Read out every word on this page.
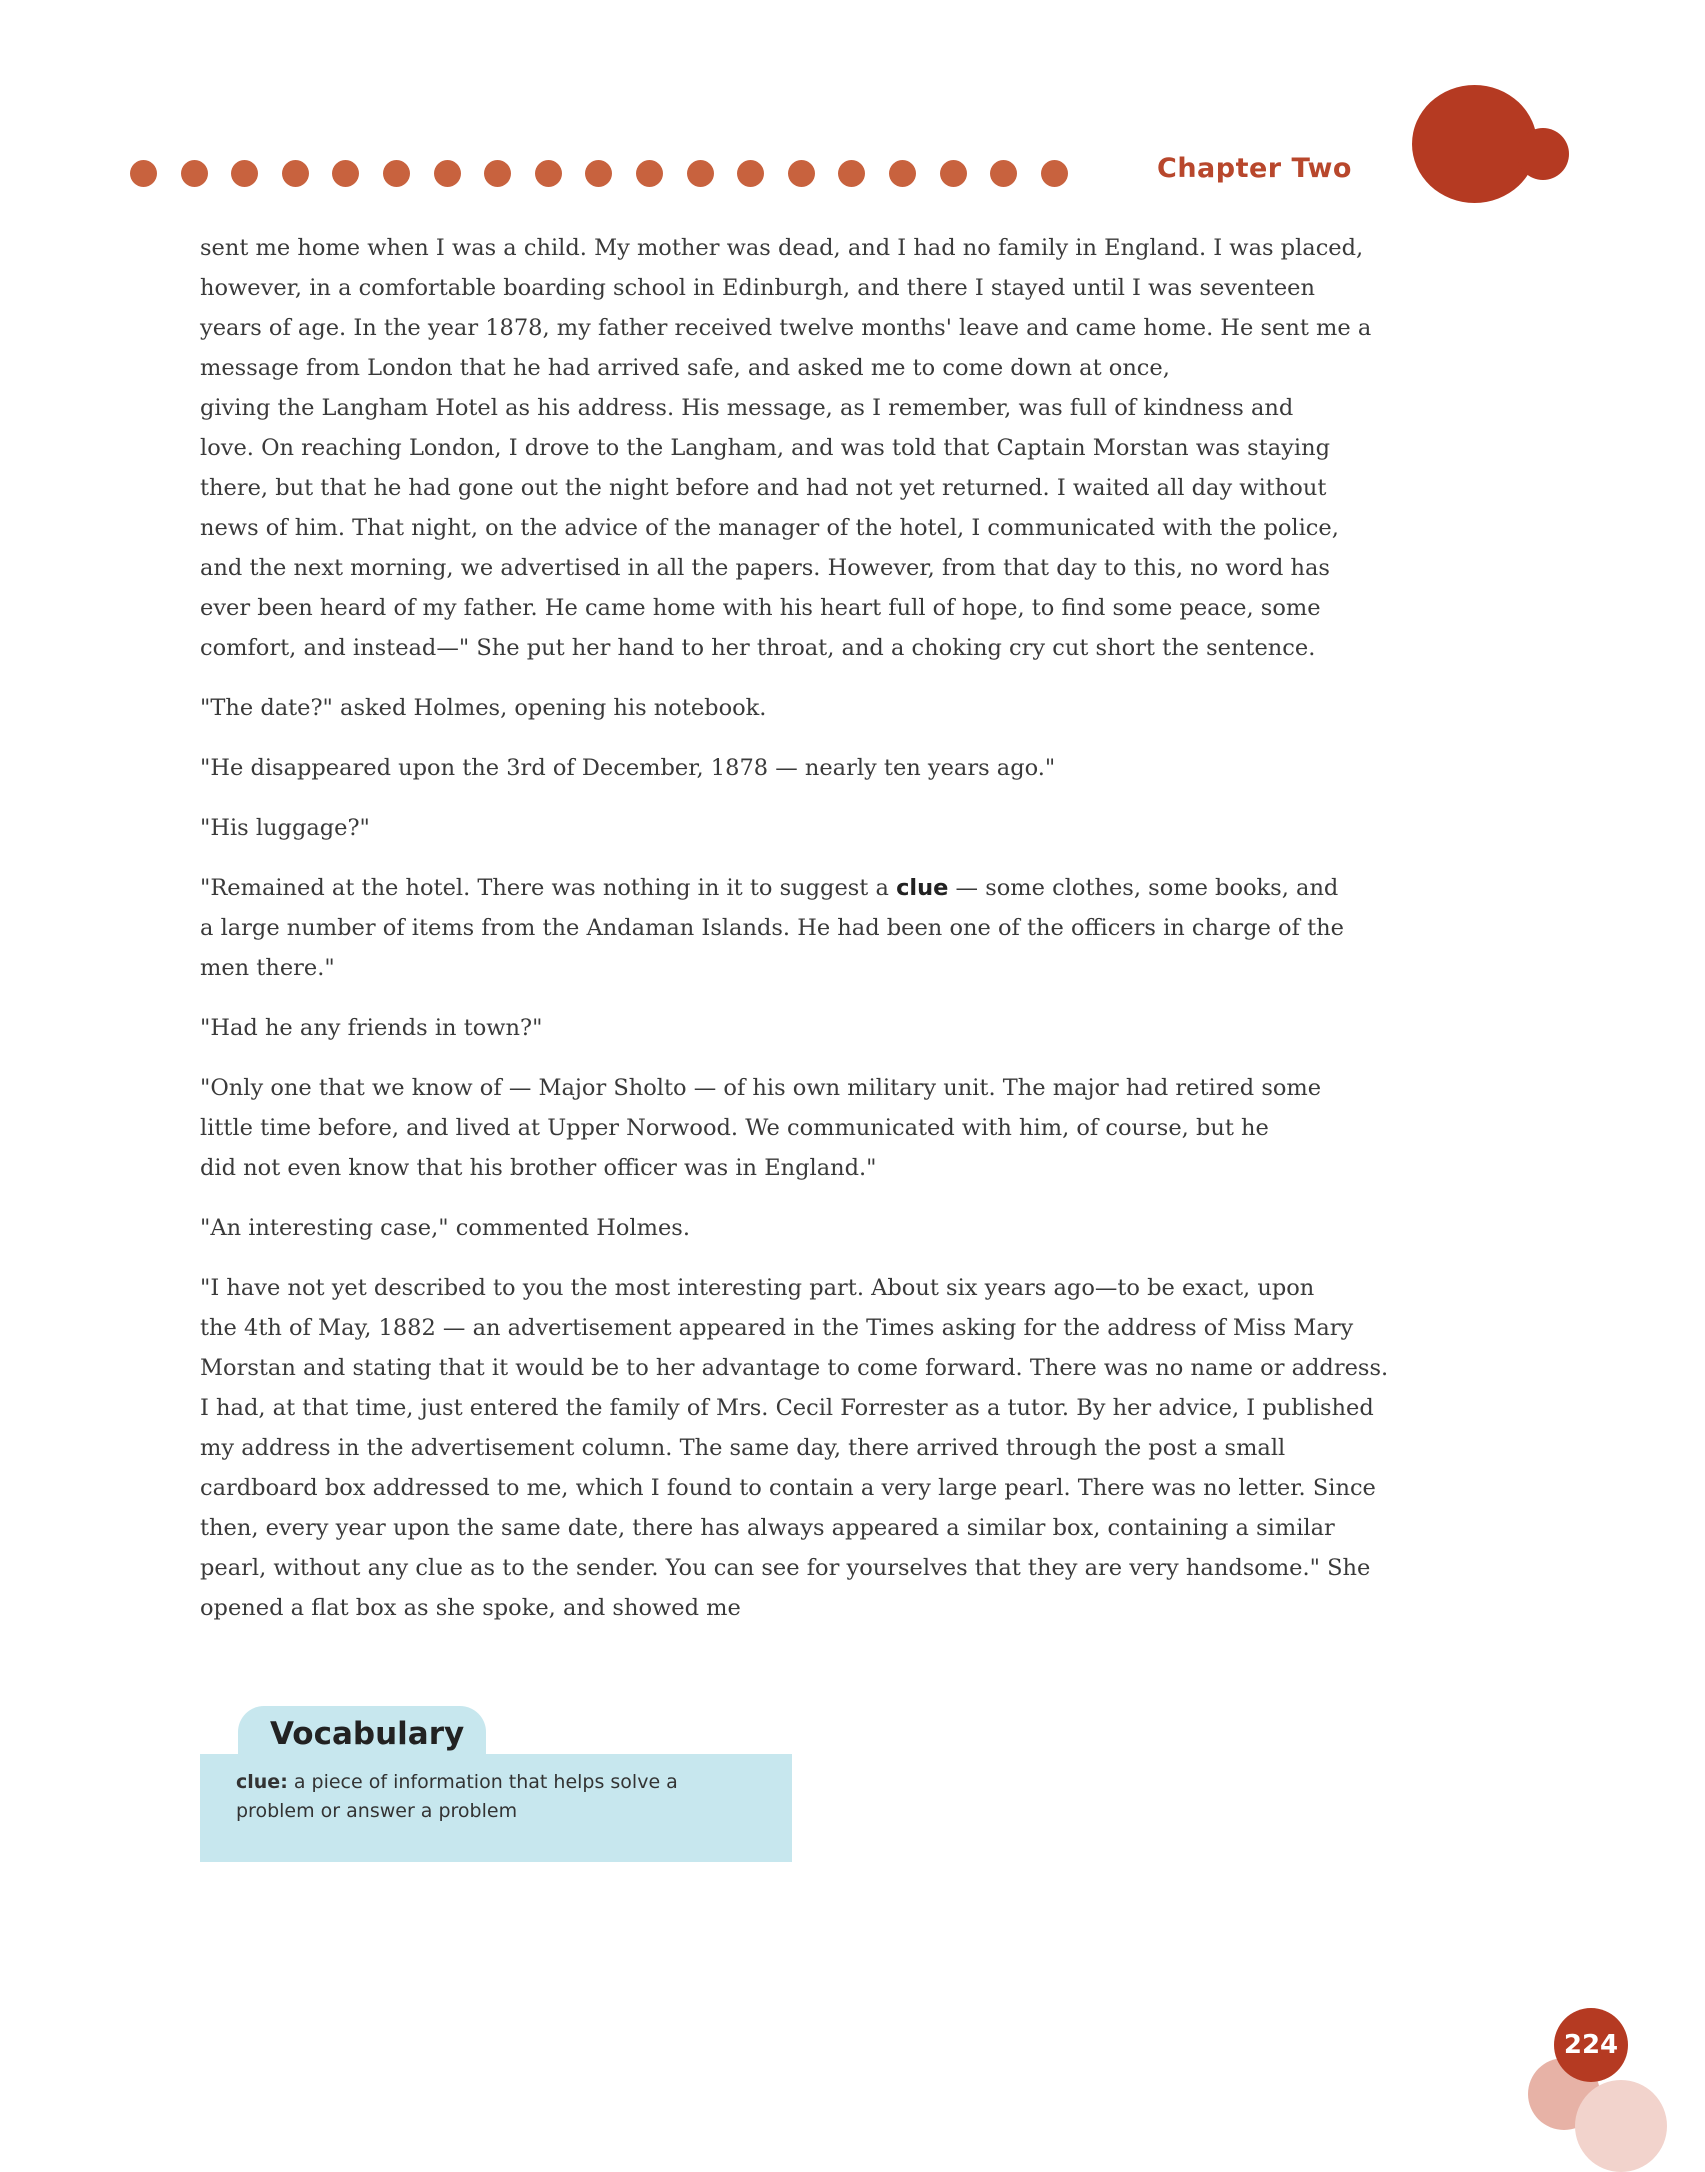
Chapter Two

sent me home when I was a child. My mother was dead, and I had no family in England. I was placed,
however, in a comfortable boarding school in Edinburgh, and there I stayed until I was seventeen
years of age. In the year 1878, my father received twelve months' leave and came home. He sent me a
message from London that he had arrived safe, and asked me to come down at once,
giving the Langham Hotel as his address. His message, as I remember, was full of kindness and
love. On reaching London, I drove to the Langham, and was told that Captain Morstan was staying
there, but that he had gone out the night before and had not yet returned. I waited all day without
news of him. That night, on the advice of the manager of the hotel, I communicated with the police,
and the next morning, we advertised in all the papers. However, from that day to this, no word has
ever been heard of my father. He came home with his heart full of hope, to find some peace, some
comfort, and instead—" She put her hand to her throat, and a choking cry cut short the sentence.

"The date?" asked Holmes, opening his notebook.

"He disappeared upon the 3rd of December, 1878 — nearly ten years ago."

"His luggage?"

"Remained at the hotel. There was nothing in it to suggest a clue — some clothes, some books, and
a large number of items from the Andaman Islands. He had been one of the officers in charge of the
men there."

"Had he any friends in town?"

"Only one that we know of — Major Sholto — of his own military unit. The major had retired some
little time before, and lived at Upper Norwood. We communicated with him, of course, but he
did not even know that his brother officer was in England."

"An interesting case," commented Holmes.

"I have not yet described to you the most interesting part. About six years ago—to be exact, upon
the 4th of May, 1882 — an advertisement appeared in the Times asking for the address of Miss Mary
Morstan and stating that it would be to her advantage to come forward. There was no name or address.
I had, at that time, just entered the family of Mrs. Cecil Forrester as a tutor. By her advice, I published
my address in the advertisement column. The same day, there arrived through the post a small
cardboard box addressed to me, which I found to contain a very large pearl. There was no letter. Since
then, every year upon the same date, there has always appeared a similar box, containing a similar
pearl, without any clue as to the sender. You can see for yourselves that they are very handsome." She
opened a flat box as she spoke, and showed me

Vocabulary
clue: a piece of information that helps solve a problem or answer a problem
224
